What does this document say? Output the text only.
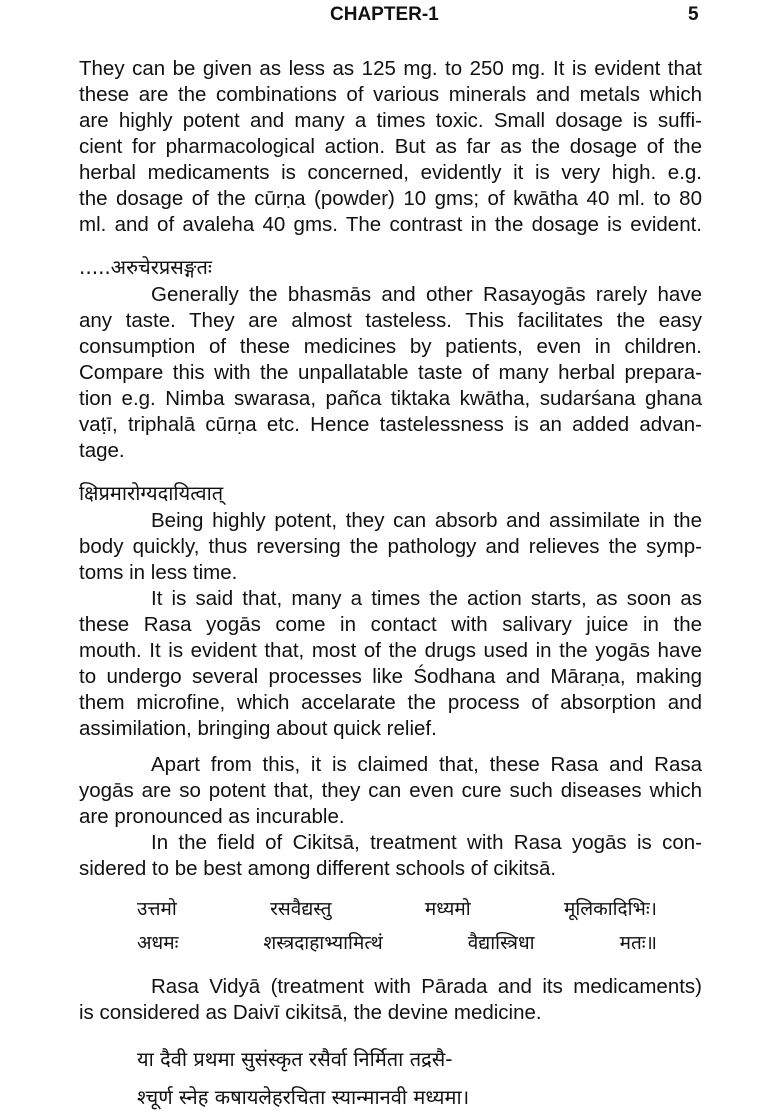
CHAPTER-1	5
They can be given as less as 125 mg. to 250 mg. It is evident that
these are the combinations of various minerals and metals which
are highly potent and many a times toxic. Small dosage is suffi-
cient for pharmacological action. But as far as the dosage of the
herbal medicaments is concerned, evidently it is very high. e.g.
the dosage of the cūrṇa (powder) 10 gms; of kwātha 40 ml. to 80
ml. and of avaleha 40 gms. The contrast in the dosage is evident.
.....अरुचेरप्रसङ्गतः
Generally the bhasmās and other Rasayogās rarely have
any taste. They are almost tasteless. This facilitates the easy
consumption of these medicines by patients, even in children.
Compare this with the unpallatable taste of many herbal prepara-
tion e.g. Nimba swarasa, pañca tiktaka kwātha, sudarśana ghana
vaṭī, triphalā cūrṇa etc. Hence tastelessness is an added advan-
tage.
क्षिप्रमारोग्यदायित्वात्
Being highly potent, they can absorb and assimilate in the
body quickly, thus reversing the pathology and relieves the symp-
toms in less time.
It is said that, many a times the action starts, as soon as
these Rasa yogās come in contact with salivary juice in the
mouth. It is evident that, most of the drugs used in the yogās have
to undergo several processes like Śodhana and Māraṇa, making
them microfine, which accelarate the process of absorption and
assimilation, bringing about quick relief.
Apart from this, it is claimed that, these Rasa and Rasa
yogās are so potent that, they can even cure such diseases which
are pronounced as incurable.
In the field of Cikitsā, treatment with Rasa yogās is con-
sidered to be best among different schools of cikitsā.
उत्तमो	रसवैद्यस्तु	मध्यमो	मूलिकादिभिः।
अधमः	शस्त्रदाहाभ्यामित्थं	वैद्यास्त्रिधा	मतः॥
Rasa Vidyā (treatment with Pārada and its medicaments)
is considered as Daivī cikitsā, the devine medicine.
या दैवी प्रथमा सुसंस्कृत रसैर्वा निर्मिता तद्रसै-
श्चूर्ण स्नेह कषायलेहरचिता स्यान्मानवी मध्यमा।
